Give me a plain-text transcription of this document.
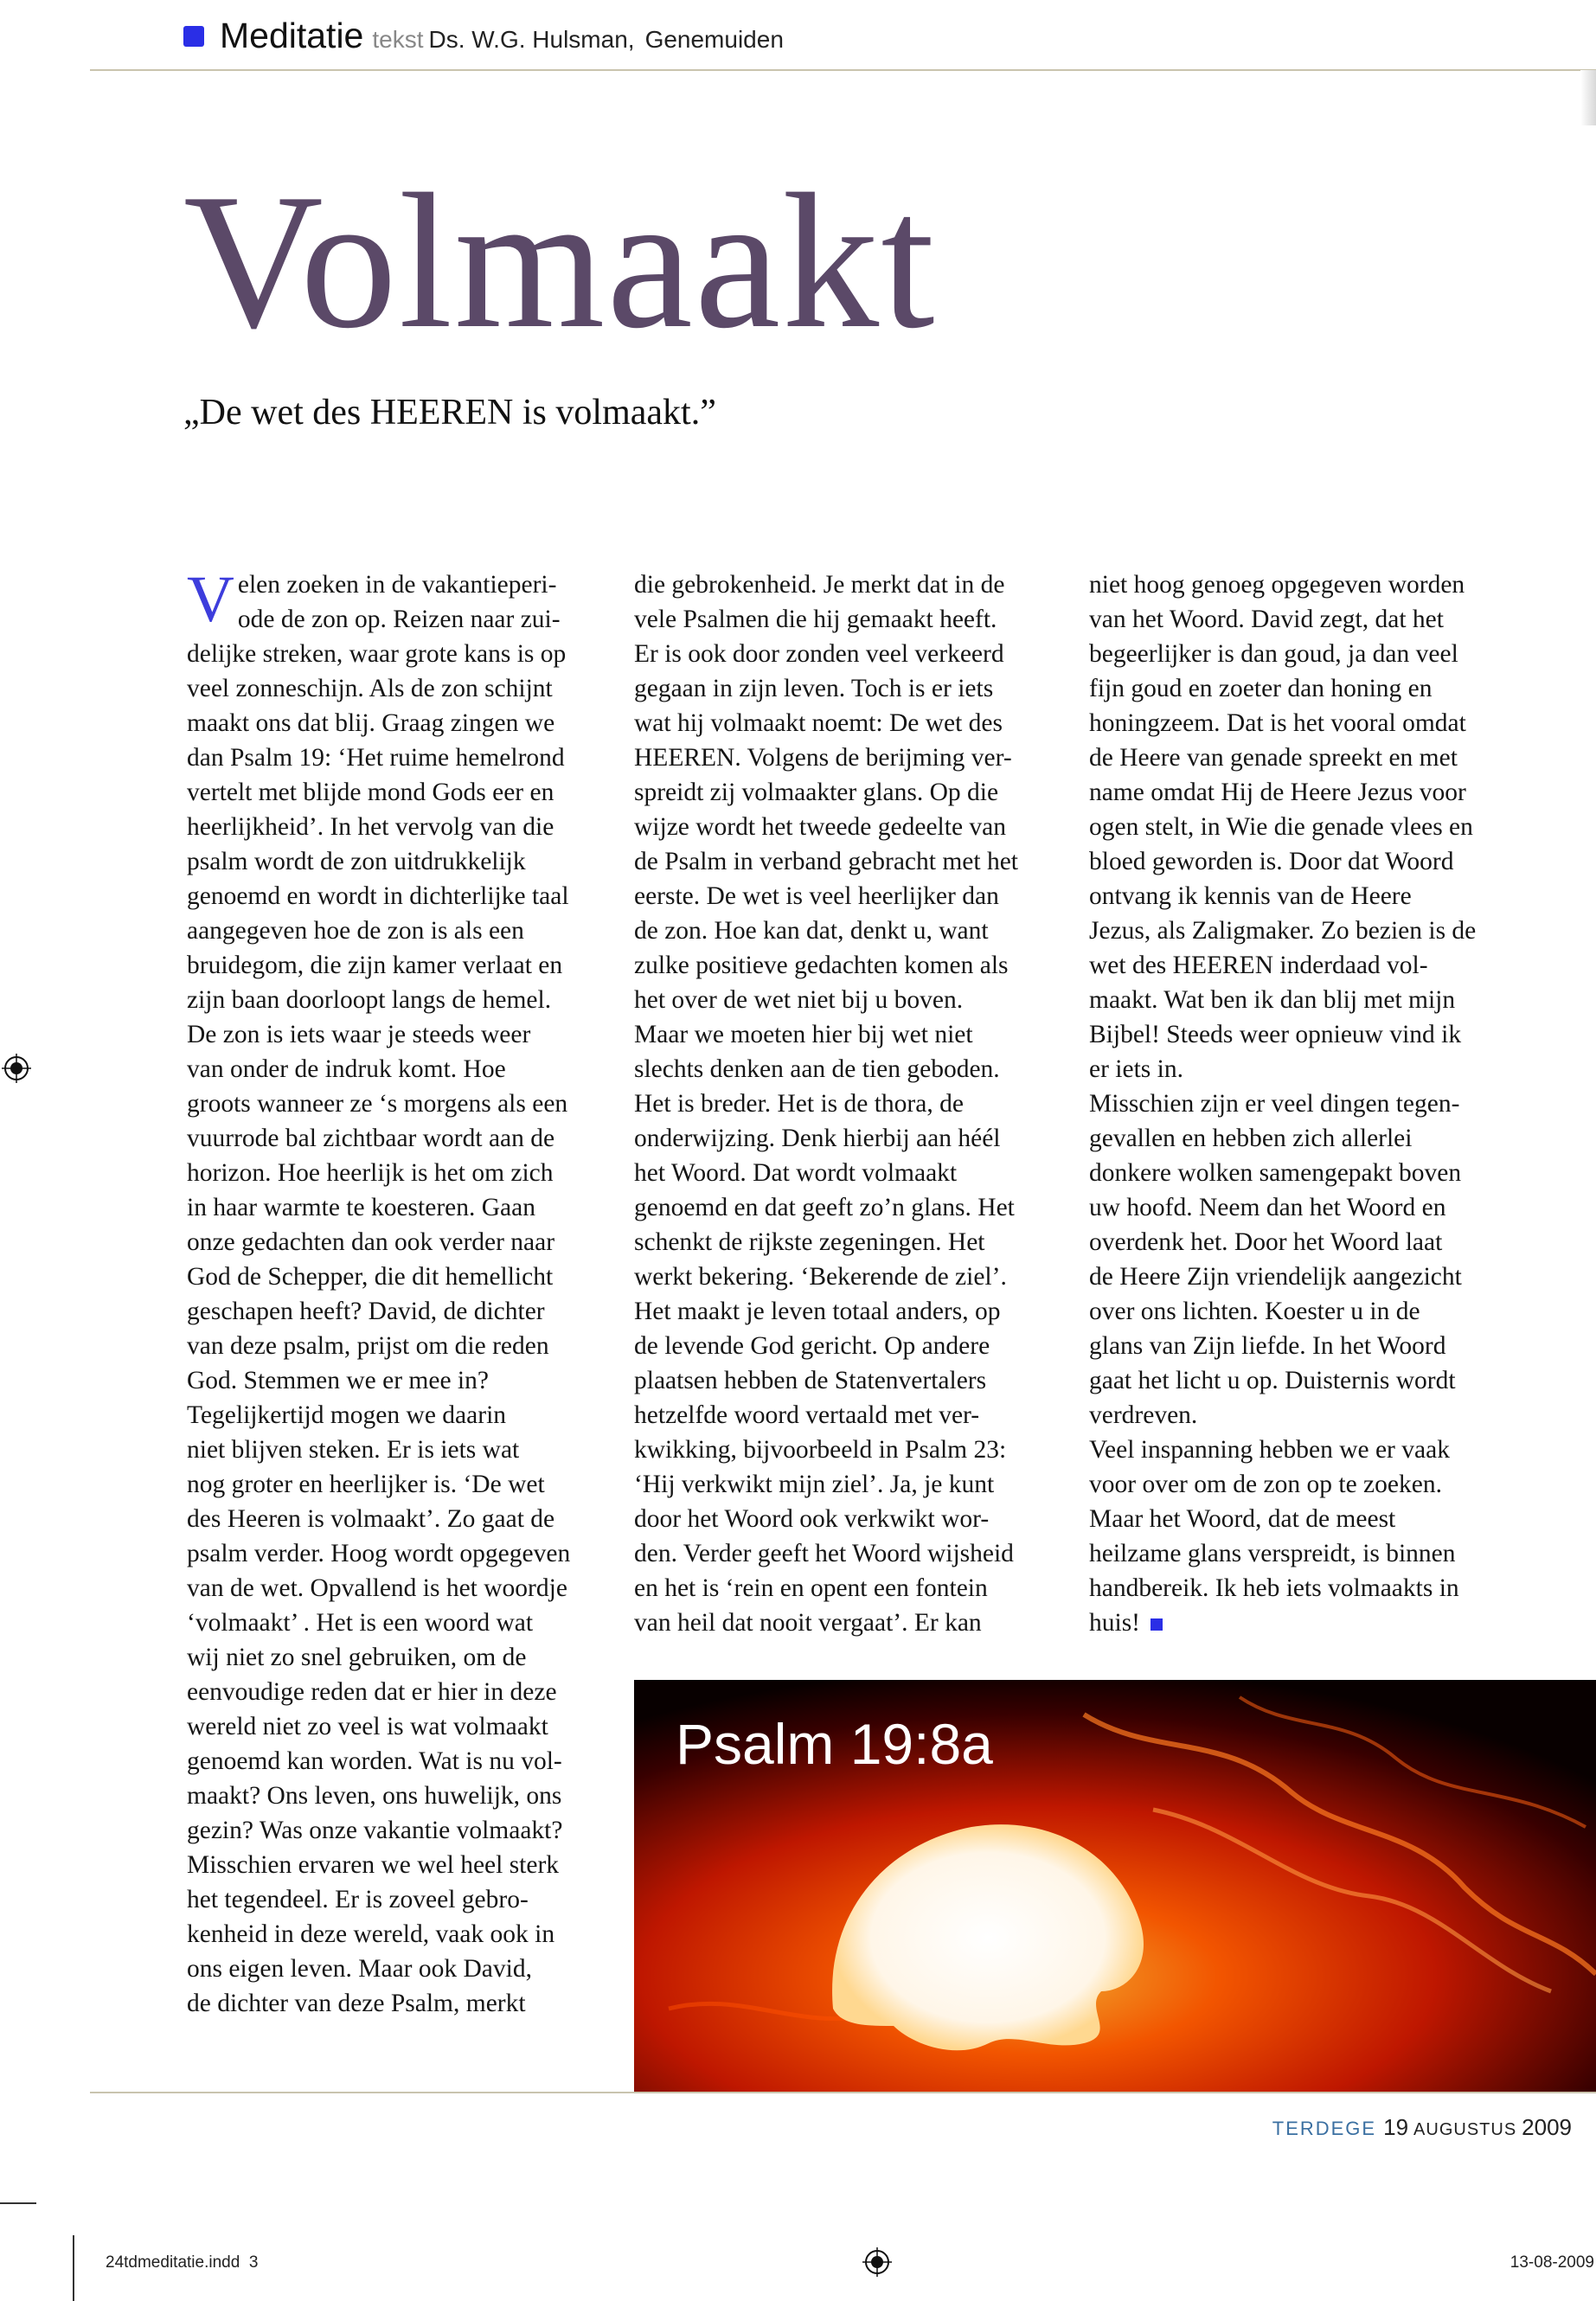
Meditatie tekst Ds. W.G. Hulsman, Genemuiden
Volmaakt
„De wet des HEEREN is volmaakt.”
Velen zoeken in de vakantieperi-
ode de zon op. Reizen naar zui-
delijke streken, waar grote kans is op
veel zonneschijn. Als de zon schijnt
maakt ons dat blij. Graag zingen we
dan Psalm 19: ‘Het ruime hemelrond
vertelt met blijde mond Gods eer en
heerlijkheid’. In het vervolg van die
psalm wordt de zon uitdrukkelijk
genoemd en wordt in dichterlijke taal
aangegeven hoe de zon is als een
bruidegom, die zijn kamer verlaat en
zijn baan doorloopt langs de hemel.
De zon is iets waar je steeds weer
van onder de indruk komt. Hoe
groots wanneer ze ‘s morgens als een
vuurrode bal zichtbaar wordt aan de
horizon. Hoe heerlijk is het om zich
in haar warmte te koesteren. Gaan
onze gedachten dan ook verder naar
God de Schepper, die dit hemellicht
geschapen heeft? David, de dichter
van deze psalm, prijst om die reden
God. Stemmen we er mee in?
Tegelijkertijd mogen we daarin
niet blijven steken. Er is iets wat
nog groter en heerlijker is. ‘De wet
des Heeren is volmaakt’. Zo gaat de
psalm verder. Hoog wordt opgegeven
van de wet. Opvallend is het woordje
‘volmaakt’ . Het is een woord wat
wij niet zo snel gebruiken, om de
eenvoudige reden dat er hier in deze
wereld niet zo veel is wat volmaakt
genoemd kan worden. Wat is nu vol-
maakt? Ons leven, ons huwelijk, ons
gezin? Was onze vakantie volmaakt?
Misschien ervaren we wel heel sterk
het tegendeel. Er is zoveel gebro-
kenheid in deze wereld, vaak ook in
ons eigen leven. Maar ook David,
de dichter van deze Psalm, merkt
die gebrokenheid. Je merkt dat in de
vele Psalmen die hij gemaakt heeft.
Er is ook door zonden veel verkeerd
gegaan in zijn leven. Toch is er iets
wat hij volmaakt noemt: De wet des
HEEREN. Volgens de berijming ver-
spreidt zij volmaakter glans. Op die
wijze wordt het tweede gedeelte van
de Psalm in verband gebracht met het
eerste. De wet is veel heerlijker dan
de zon. Hoe kan dat, denkt u, want
zulke positieve gedachten komen als
het over de wet niet bij u boven.
Maar we moeten hier bij wet niet
slechts denken aan de tien geboden.
Het is breder. Het is de thora, de
onderwijzing. Denk hierbij aan héél
het Woord. Dat wordt volmaakt
genoemd en dat geeft zo’n glans. Het
schenkt de rijkste zegeningen. Het
werkt bekering. ‘Bekerende de ziel’.
Het maakt je leven totaal anders, op
de levende God gericht. Op andere
plaatsen hebben de Statenvertalers
hetzelfde woord vertaald met ver-
kwikking, bijvoorbeeld in Psalm 23:
‘Hij verkwikt mijn ziel’. Ja, je kunt
door het Woord ook verkwikt wor-
den. Verder geeft het Woord wijsheid
en het is ‘rein en opent een fontein
van heil dat nooit vergaat’. Er kan
niet hoog genoeg opgegeven worden
van het Woord. David zegt, dat het
begeerlijker is dan goud, ja dan veel
fijn goud en zoeter dan honing en
honingzeem. Dat is het vooral omdat
de Heere van genade spreekt en met
name omdat Hij de Heere Jezus voor
ogen stelt, in Wie die genade vlees en
bloed geworden is. Door dat Woord
ontvang ik kennis van de Heere
Jezus, als Zaligmaker. Zo bezien is de
wet des HEEREN inderdaad vol-
maakt. Wat ben ik dan blij met mijn
Bijbel! Steeds weer opnieuw vind ik
er iets in.
Misschien zijn er veel dingen tegen-
gevallen en hebben zich allerlei
donkere wolken samengepakt boven
uw hoofd. Neem dan het Woord en
overdenk het. Door het Woord laat
de Heere Zijn vriendelijk aangezicht
over ons lichten. Koester u in de
glans van Zijn liefde. In het Woord
gaat het licht u op. Duisternis wordt
verdreven.
Veel inspanning hebben we er vaak
voor over om de zon op te zoeken.
Maar het Woord, dat de meest
heilzame glans verspreidt, is binnen
handbereik. Ik heb iets volmaakts in
huis!
Psalm 19:8a
TERDEGE 19 AUGUSTUS 2009
24tdmeditatie.indd 3	13-08-2009
